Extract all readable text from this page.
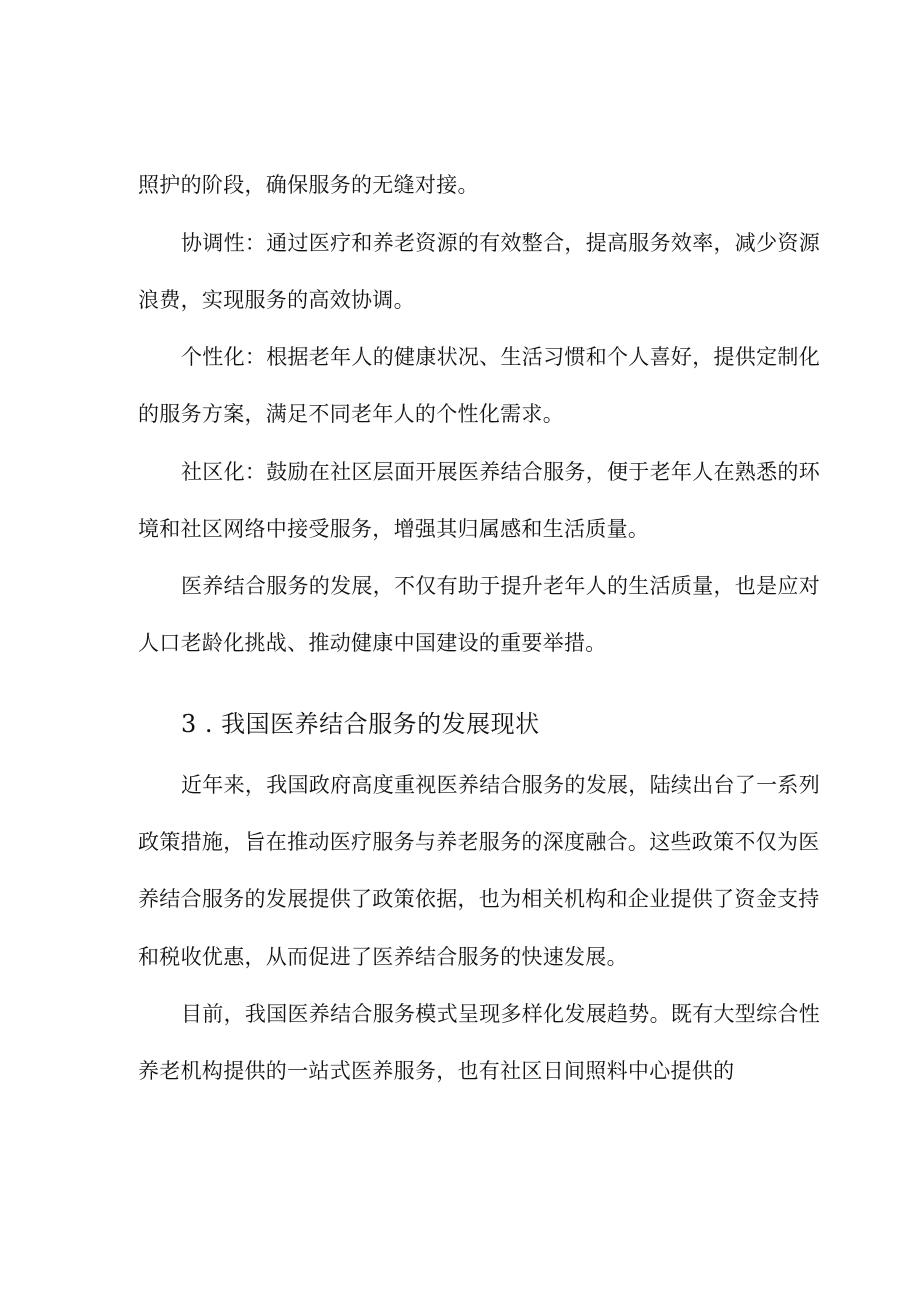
照护的阶段，确保服务的无缝对接。
协调性：通过医疗和养老资源的有效整合，提高服务效率，减少资源
浪费，实现服务的高效协调。
个性化：根据老年人的健康状况、生活习惯和个人喜好，提供定制化
的服务方案，满足不同老年人的个性化需求。
社区化：鼓励在社区层面开展医养结合服务，便于老年人在熟悉的环
境和社区网络中接受服务，增强其归属感和生活质量。
医养结合服务的发展，不仅有助于提升老年人的生活质量，也是应对
人口老龄化挑战、推动健康中国建设的重要举措。
3 . 我国医养结合服务的发展现状
近年来，我国政府高度重视医养结合服务的发展，陆续出台了一系列
政策措施，旨在推动医疗服务与养老服务的深度融合。这些政策不仅为医
养结合服务的发展提供了政策依据，也为相关机构和企业提供了资金支持
和税收优惠，从而促进了医养结合服务的快速发展。
目前，我国医养结合服务模式呈现多样化发展趋势。既有大型综合性
养老机构提供的一站式医养服务，也有社区日间照料中心提供的
